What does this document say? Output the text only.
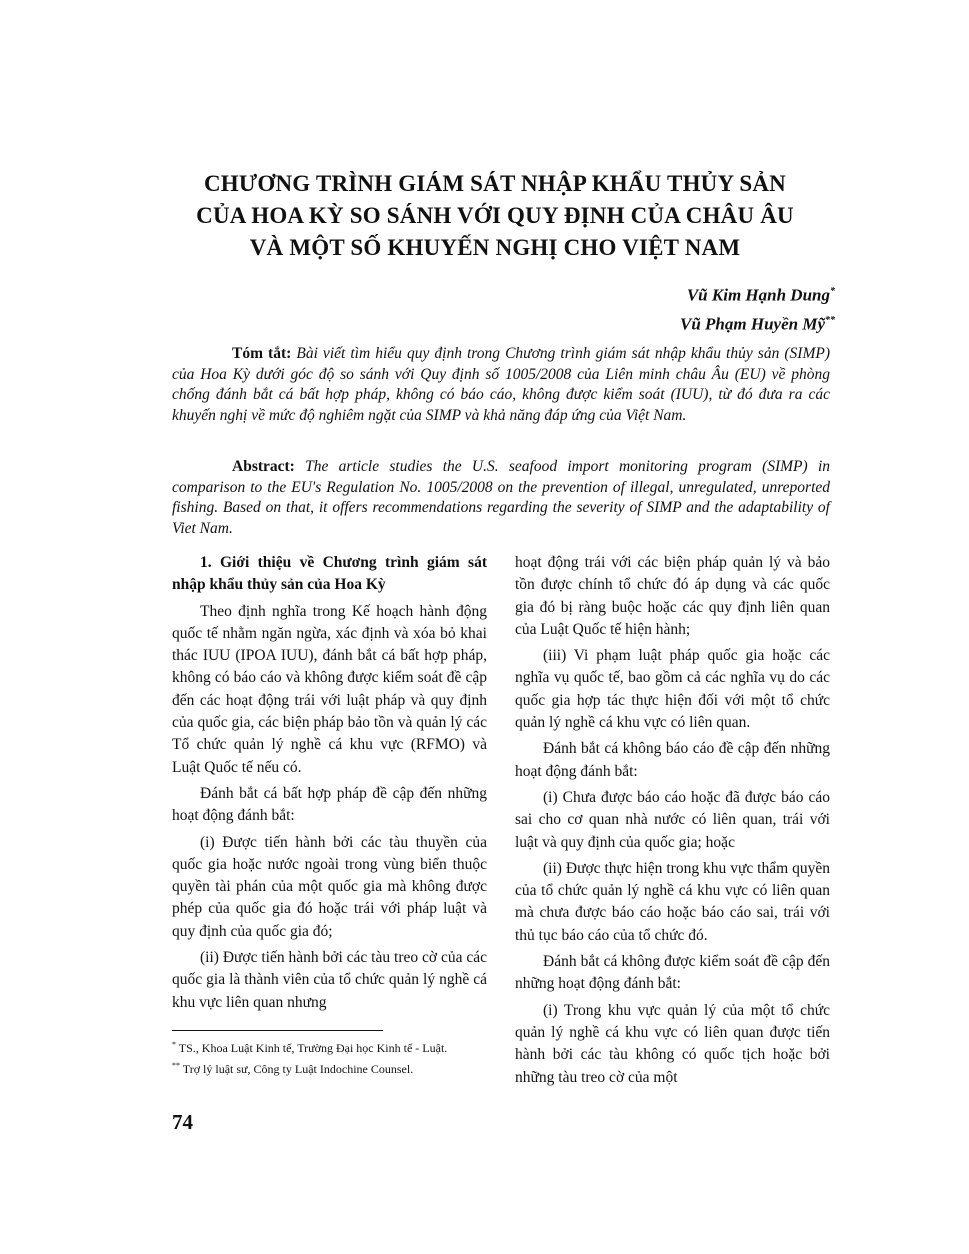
CHƯƠNG TRÌNH GIÁM SÁT NHẬP KHẨU THỦY SẢN
CỦA HOA KỲ SO SÁNH VỚI QUY ĐỊNH CỦA CHÂU ÂU
VÀ MỘT SỐ KHUYẾN NGHỊ CHO VIỆT NAM
Vũ Kim Hạnh Dung*
Vũ Phạm Huyền Mỹ**

Tóm tắt: Bài viết tìm hiểu quy định trong Chương trình giám sát nhập khẩu thủy sản (SIMP) của Hoa Kỳ dưới góc độ so sánh với Quy định số 1005/2008 của Liên minh châu Âu (EU) về phòng chống đánh bắt cá bất hợp pháp, không có báo cáo, không được kiểm soát (IUU), từ đó đưa ra các khuyến nghị về mức độ nghiêm ngặt của SIMP và khả năng đáp ứng của Việt Nam.

Abstract: The article studies the U.S. seafood import monitoring program (SIMP) in comparison to the EU's Regulation No. 1005/2008 on the prevention of illegal, unregulated, unreported fishing. Based on that, it offers recommendations regarding the severity of SIMP and the adaptability of Viet Nam.

1. Giới thiệu về Chương trình giám sát nhập khẩu thủy sản của Hoa Kỳ

Theo định nghĩa trong Kế hoạch hành động quốc tế nhằm ngăn ngừa, xác định và xóa bỏ khai thác IUU (IPOA IUU), đánh bắt cá bất hợp pháp, không có báo cáo và không được kiểm soát đề cập đến các hoạt động trái với luật pháp và quy định của quốc gia, các biện pháp bảo tồn và quản lý các Tổ chức quản lý nghề cá khu vực (RFMO) và Luật Quốc tế nếu có.

Đánh bắt cá bất hợp pháp đề cập đến những hoạt động đánh bắt:

(i) Được tiến hành bởi các tàu thuyền của quốc gia hoặc nước ngoài trong vùng biển thuộc quyền tài phán của một quốc gia mà không được phép của quốc gia đó hoặc trái với pháp luật và quy định của quốc gia đó;

(ii) Được tiến hành bởi các tàu treo cờ của các quốc gia là thành viên của tổ chức quản lý nghề cá khu vực liên quan nhưng

hoạt động trái với các biện pháp quản lý và bảo tồn được chính tổ chức đó áp dụng và các quốc gia đó bị ràng buộc hoặc các quy định liên quan của Luật Quốc tế hiện hành;

(iii) Vi phạm luật pháp quốc gia hoặc các nghĩa vụ quốc tế, bao gồm cả các nghĩa vụ do các quốc gia hợp tác thực hiện đối với một tổ chức quản lý nghề cá khu vực có liên quan.

Đánh bắt cá không báo cáo đề cập đến những hoạt động đánh bắt:

(i) Chưa được báo cáo hoặc đã được báo cáo sai cho cơ quan nhà nước có liên quan, trái với luật và quy định của quốc gia; hoặc

(ii) Được thực hiện trong khu vực thẩm quyền của tổ chức quản lý nghề cá khu vực có liên quan mà chưa được báo cáo hoặc báo cáo sai, trái với thủ tục báo cáo của tổ chức đó.

Đánh bắt cá không được kiểm soát đề cập đến những hoạt động đánh bắt:

(i) Trong khu vực quản lý của một tổ chức quản lý nghề cá khu vực có liên quan được tiến hành bởi các tàu không có quốc tịch hoặc bởi những tàu treo cờ của một

* TS., Khoa Luật Kinh tế, Trường Đại học Kinh tế - Luật.

** Trợ lý luật sư, Công ty Luật Indochine Counsel.

74
